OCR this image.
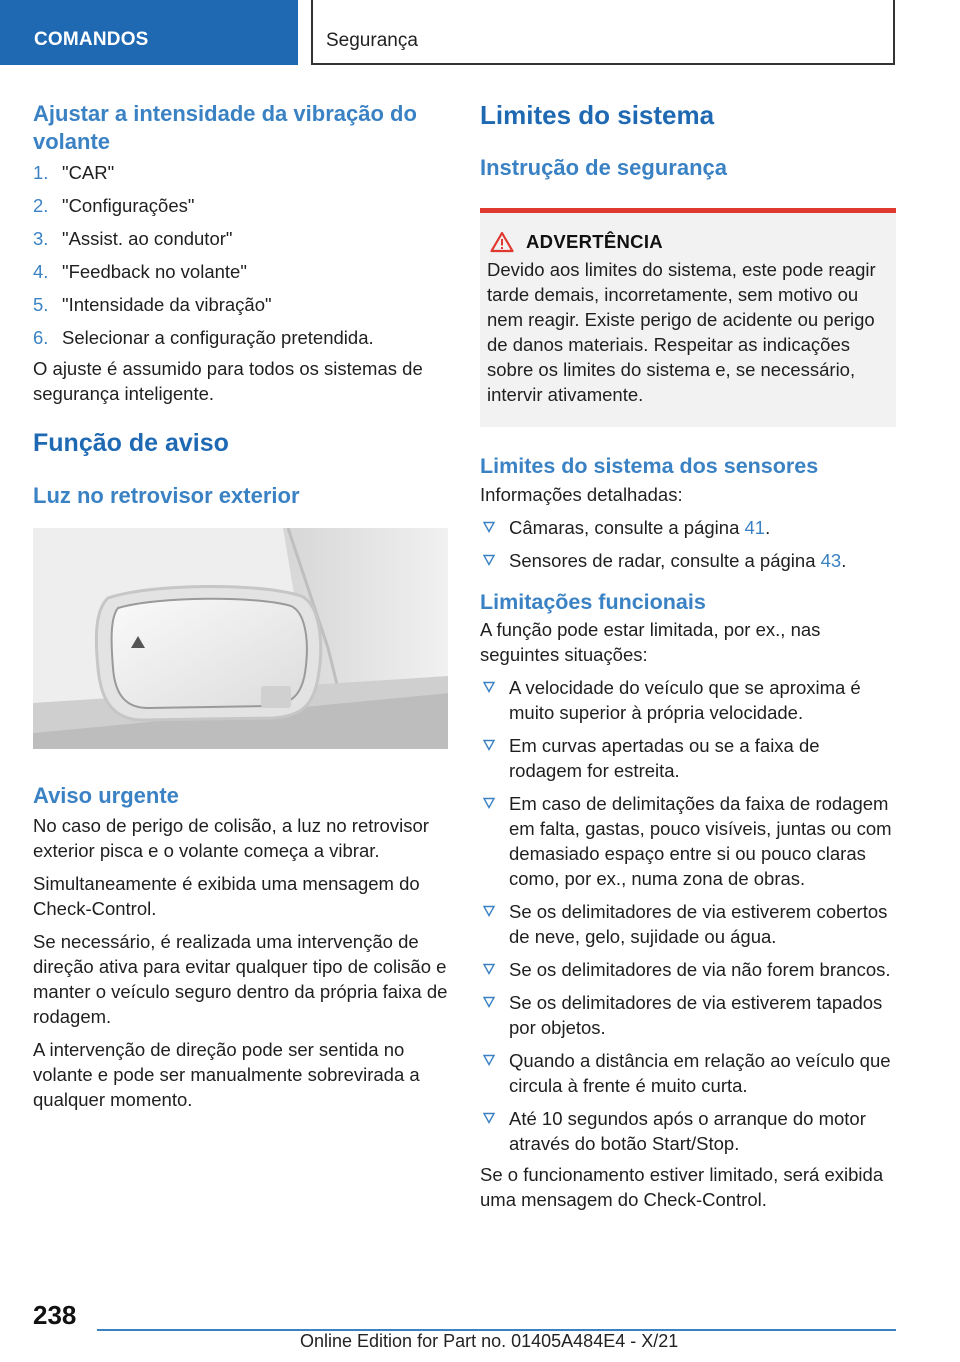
COMANDOS	Segurança
Ajustar a intensidade da vibração do volante
1. "CAR"
2. "Configurações"
3. "Assist. ao condutor"
4. "Feedback no volante"
5. "Intensidade da vibração"
6. Selecionar a configuração pretendida.

O ajuste é assumido para todos os sistemas de segurança inteligente.

Função de aviso
Luz no retrovisor exterior
Aviso urgente

No caso de perigo de colisão, a luz no retrovisor exterior pisca e o volante começa a vibrar.

Simultaneamente é exibida uma mensagem do Check-Control.

Se necessário, é realizada uma intervenção de direção ativa para evitar qualquer tipo de colisão e manter o veículo seguro dentro da própria faixa de rodagem.

A intervenção de direção pode ser sentida no volante e pode ser manualmente sobrevirada a qualquer momento.

Limites do sistema
Instrução de segurança
ADVERTÊNCIA

Devido aos limites do sistema, este pode reagir tarde demais, incorretamente, sem motivo ou nem reagir. Existe perigo de acidente ou perigo de danos materiais. Respeitar as indicações sobre os limites do sistema e, se necessário, intervir ativamente.

Limites do sistema dos sensores

Informações detalhadas:

Câmaras, consulte a página 41.
Sensores de radar, consulte a página 43.
Limitações funcionais

A função pode estar limitada, por ex., nas seguintes situações:

A velocidade do veículo que se aproxima é muito superior à própria velocidade.
Em curvas apertadas ou se a faixa de rodagem for estreita.
Em caso de delimitações da faixa de rodagem em falta, gastas, pouco visíveis, juntas ou com demasiado espaço entre si ou pouco claras como, por ex., numa zona de obras.
Se os delimitadores de via estiverem cobertos de neve, gelo, sujidade ou água.
Se os delimitadores de via não forem brancos.
Se os delimitadores de via estiverem tapados por objetos.
Quando a distância em relação ao veículo que circula à frente é muito curta.
Até 10 segundos após o arranque do motor através do botão Start/Stop.

Se o funcionamento estiver limitado, será exibida uma mensagem do Check-Control.

238
Online Edition for Part no. 01405A484E4 - X/21
